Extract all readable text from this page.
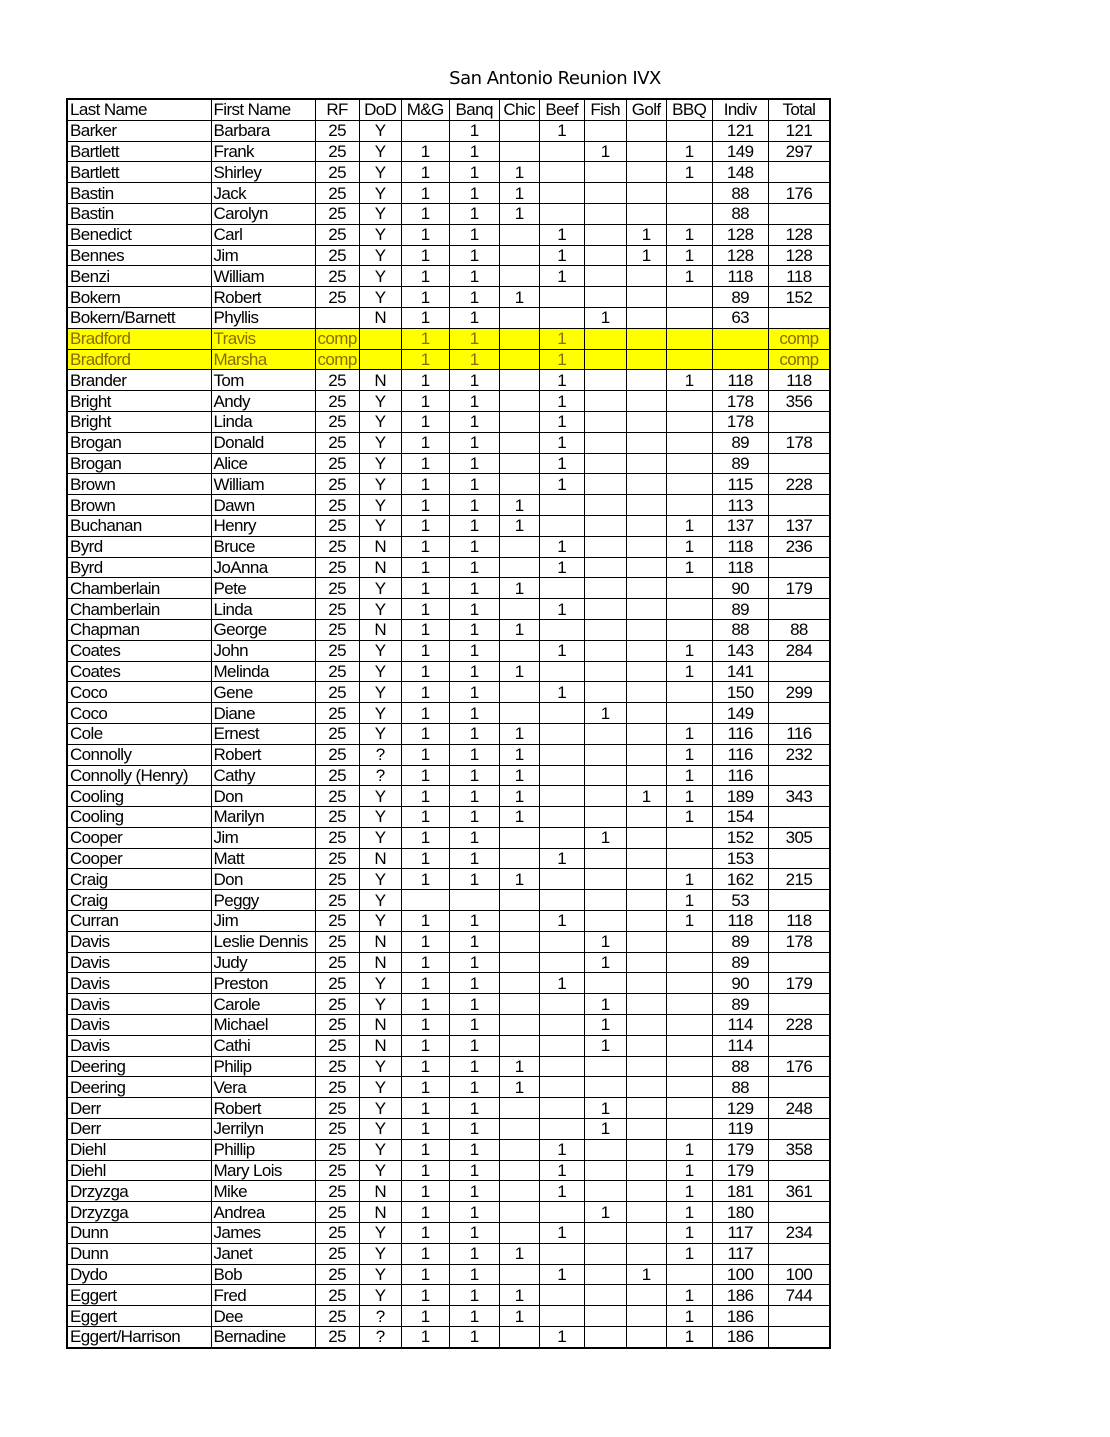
San Antonio Reunion IVX
Last Name	First Name	RF	DoD	M&G	Banq	Chic	Beef	Fish	Golf	BBQ	Indiv	Total
Barker	Barbara	25	Y		1		1				121	121
Bartlett	Frank	25	Y	1	1			1		1	149	297
Bartlett	Shirley	25	Y	1	1	1				1	148	
Bastin	Jack	25	Y	1	1	1					88	176
Bastin	Carolyn	25	Y	1	1	1					88	
Benedict	Carl	25	Y	1	1		1		1	1	128	128
Bennes	Jim	25	Y	1	1		1		1	1	128	128
Benzi	William	25	Y	1	1		1			1	118	118
Bokern	Robert	25	Y	1	1	1					89	152
Bokern/Barnett	Phyllis		N	1	1			1			63	
Bradford	Travis	comp		1	1		1					comp
Bradford	Marsha	comp		1	1		1					comp
Brander	Tom	25	N	1	1		1			1	118	118
Bright	Andy	25	Y	1	1		1				178	356
Bright	Linda	25	Y	1	1		1				178	
Brogan	Donald	25	Y	1	1		1				89	178
Brogan	Alice	25	Y	1	1		1				89	
Brown	William	25	Y	1	1		1				115	228
Brown	Dawn	25	Y	1	1	1					113	
Buchanan	Henry	25	Y	1	1	1				1	137	137
Byrd	Bruce	25	N	1	1		1			1	118	236
Byrd	JoAnna	25	N	1	1		1			1	118	
Chamberlain	Pete	25	Y	1	1	1					90	179
Chamberlain	Linda	25	Y	1	1		1				89	
Chapman	George	25	N	1	1	1					88	88
Coates	John	25	Y	1	1		1			1	143	284
Coates	Melinda	25	Y	1	1	1				1	141	
Coco	Gene	25	Y	1	1		1				150	299
Coco	Diane	25	Y	1	1			1			149	
Cole	Ernest	25	Y	1	1	1				1	116	116
Connolly	Robert	25	?	1	1	1				1	116	232
Connolly (Henry)	Cathy	25	?	1	1	1				1	116	
Cooling	Don	25	Y	1	1	1			1	1	189	343
Cooling	Marilyn	25	Y	1	1	1				1	154	
Cooper	Jim	25	Y	1	1			1			152	305
Cooper	Matt	25	N	1	1		1				153	
Craig	Don	25	Y	1	1	1				1	162	215
Craig	Peggy	25	Y							1	53	
Curran	Jim	25	Y	1	1		1			1	118	118
Davis	Leslie Dennis	25	N	1	1			1			89	178
Davis	Judy	25	N	1	1			1			89	
Davis	Preston	25	Y	1	1		1				90	179
Davis	Carole	25	Y	1	1			1			89	
Davis	Michael	25	N	1	1			1			114	228
Davis	Cathi	25	N	1	1			1			114	
Deering	Philip	25	Y	1	1	1					88	176
Deering	Vera	25	Y	1	1	1					88	
Derr	Robert	25	Y	1	1			1			129	248
Derr	Jerrilyn	25	Y	1	1			1			119	
Diehl	Phillip	25	Y	1	1		1			1	179	358
Diehl	Mary Lois	25	Y	1	1		1			1	179	
Drzyzga	Mike	25	N	1	1		1			1	181	361
Drzyzga	Andrea	25	N	1	1			1		1	180	
Dunn	James	25	Y	1	1		1			1	117	234
Dunn	Janet	25	Y	1	1	1				1	117	
Dydo	Bob	25	Y	1	1		1		1		100	100
Eggert	Fred	25	Y	1	1	1				1	186	744
Eggert	Dee	25	?	1	1	1				1	186	
Eggert/Harrison	Bernadine	25	?	1	1		1			1	186	
